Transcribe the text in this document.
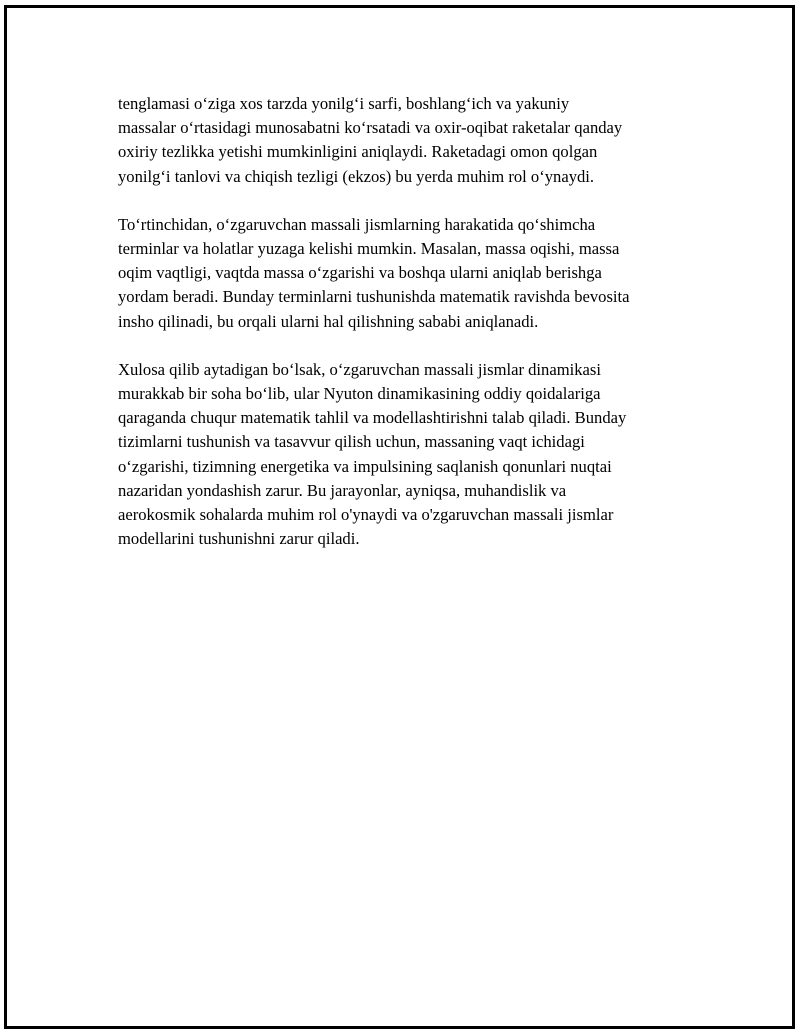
tenglamasi o‘ziga xos tarzda yonilg‘i sarfi, boshlang‘ich va yakuniy
massalar o‘rtasidagi munosabatni ko‘rsatadi va oxir-oqibat raketalar qanday
oxiriy tezlikka yetishi mumkinligini aniqlaydi. Raketadagi omon qolgan
yonilg‘i tanlovi va chiqish tezligi (ekzos) bu yerda muhim rol o‘ynaydi.

To‘rtinchidan, o‘zgaruvchan massali jismlarning harakatida qo‘shimcha
terminlar va holatlar yuzaga kelishi mumkin. Masalan, massa oqishi, massa
oqim vaqtligi, vaqtda massa o‘zgarishi va boshqa ularni aniqlab berishga
yordam beradi. Bunday terminlarni tushunishda matematik ravishda bevosita
insho qilinadi, bu orqali ularni hal qilishning sababi aniqlanadi.

Xulosa qilib aytadigan bo‘lsak, o‘zgaruvchan massali jismlar dinamikasi
murakkab bir soha bo‘lib, ular Nyuton dinamikasining oddiy qoidalariga
qaraganda chuqur matematik tahlil va modellashtirishni talab qiladi. Bunday
tizimlarni tushunish va tasavvur qilish uchun, massaning vaqt ichidagi
o‘zgarishi, tizimning energetika va impulsining saqlanish qonunlari nuqtai
nazaridan yondashish zarur. Bu jarayonlar, ayniqsa, muhandislik va
aerokosmik sohalarda muhim rol o'ynaydi va o'zgaruvchan massali jismlar
modellarini tushunishni zarur qiladi.
